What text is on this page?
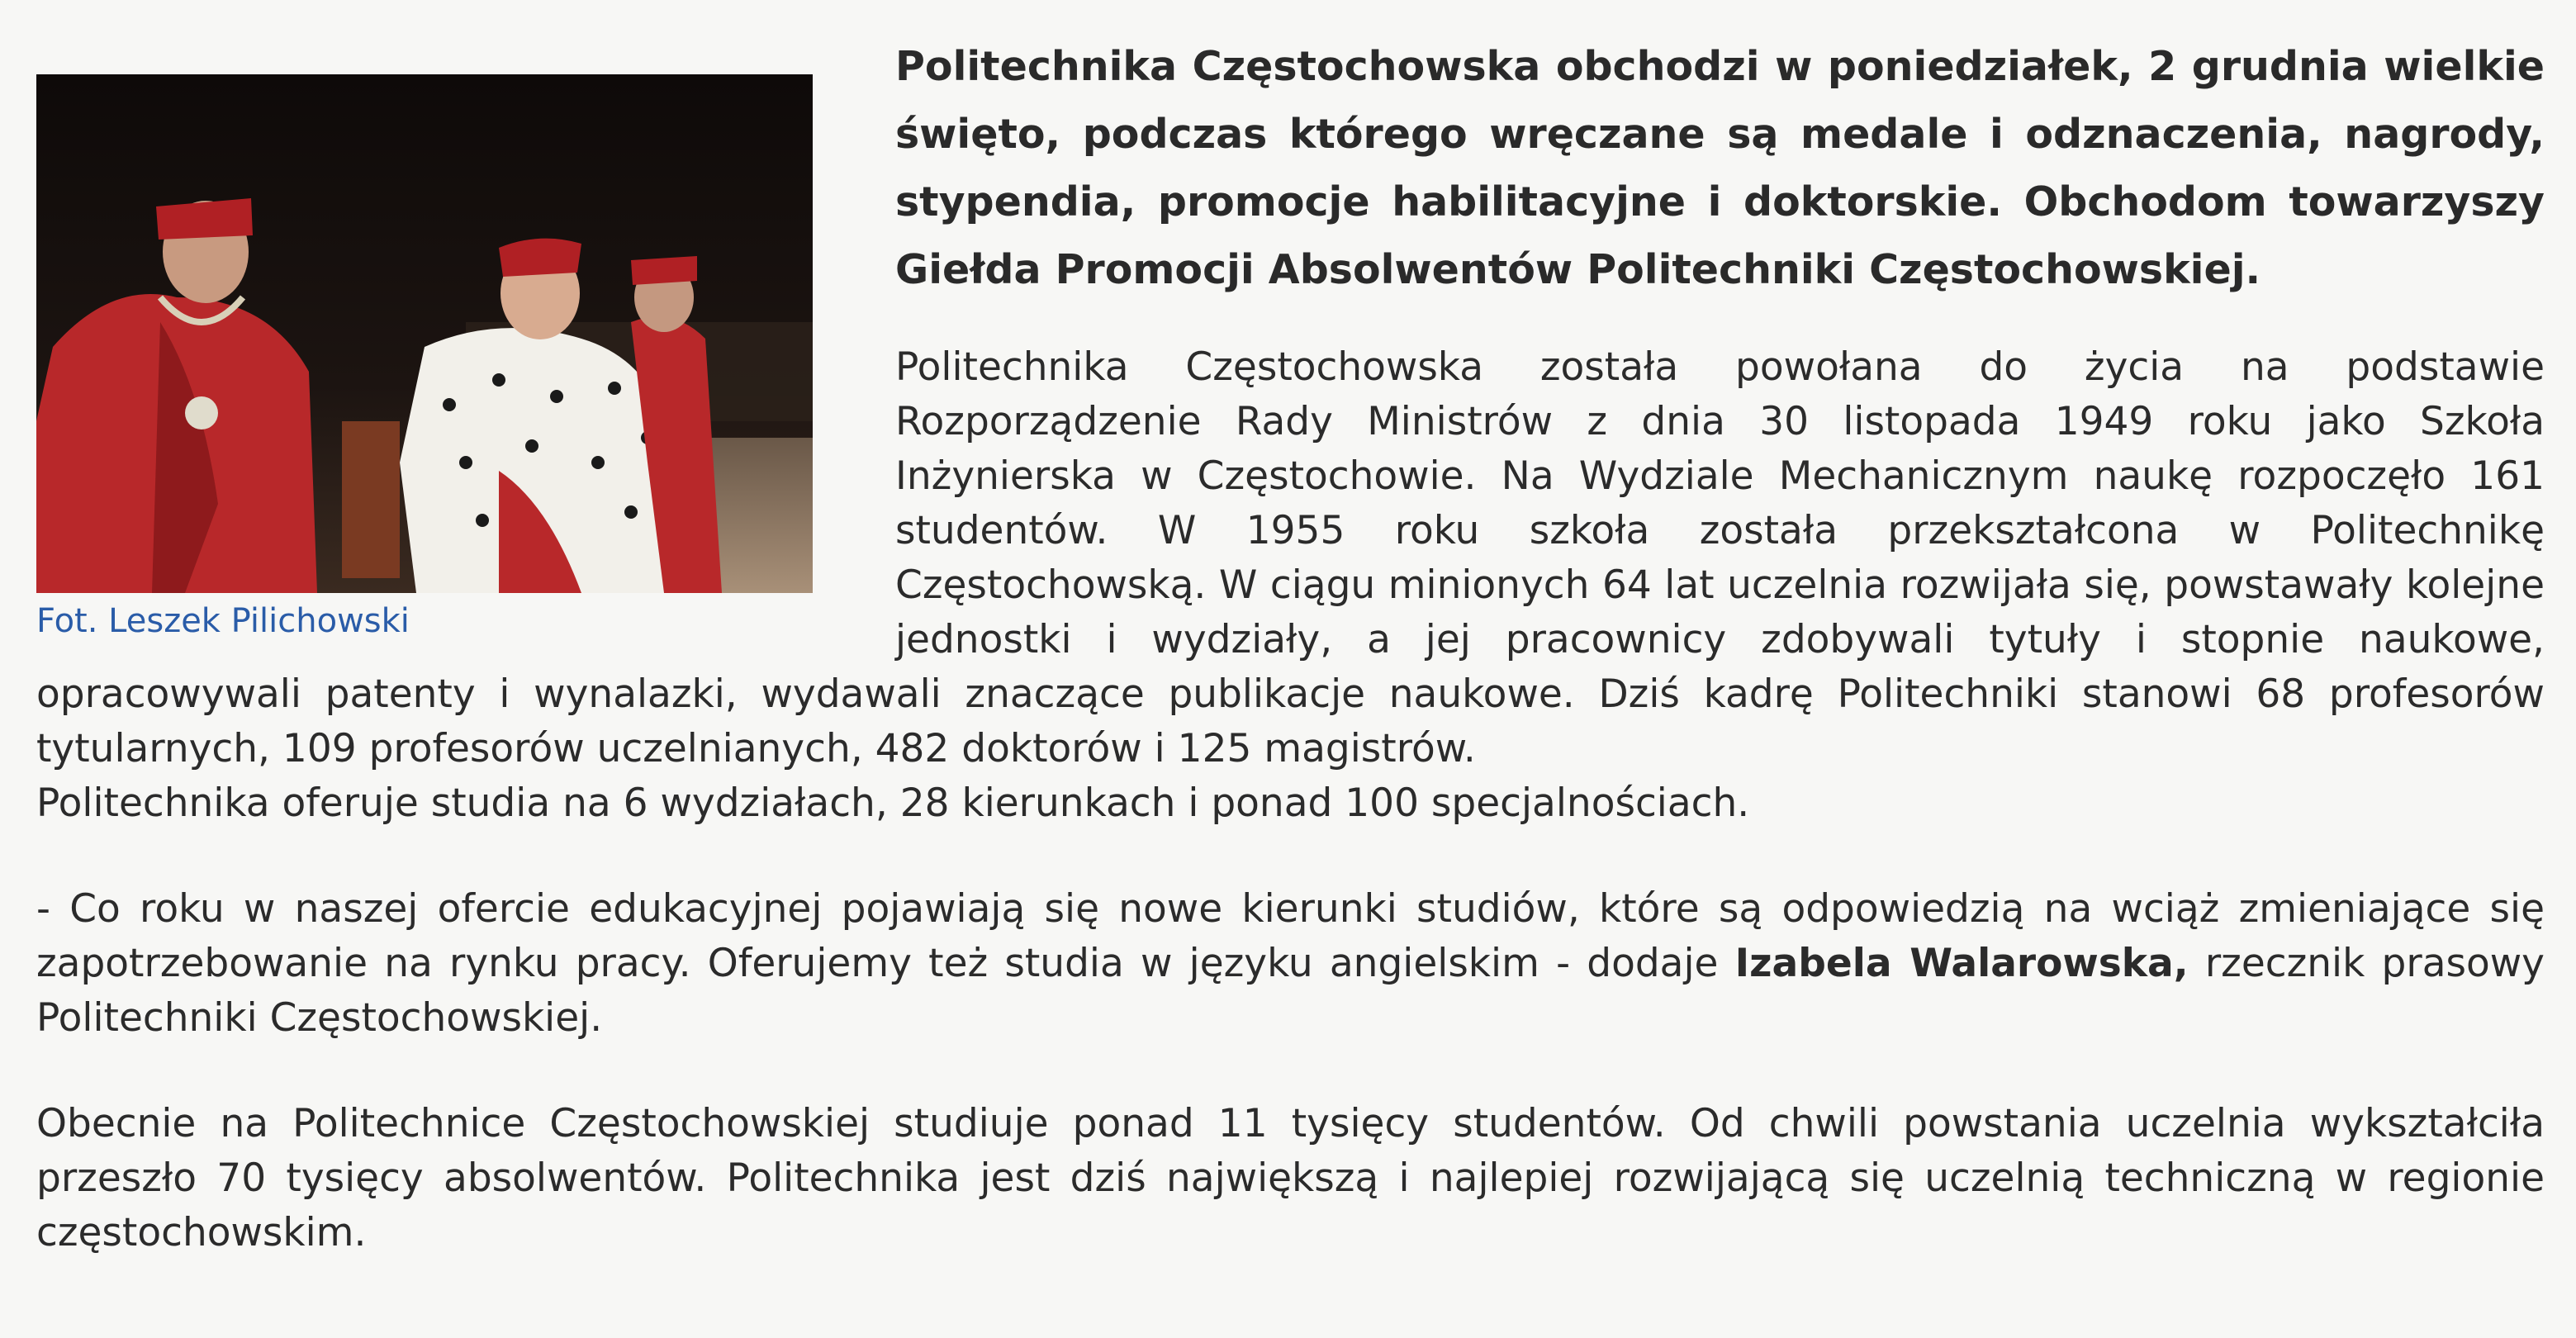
Fot. Leszek Pilichowski

Politechnika Częstochowska obchodzi w poniedziałek, 2 grudnia wielkie święto, podczas którego wręczane są medale i odznaczenia, nagrody, stypendia, promocje habilitacyjne i doktorskie. Obchodom towarzyszy Giełda Promocji Absolwentów Politechniki Częstochowskiej.

Politechnika Częstochowska została powołana do życia na podstawie Rozporządzenie Rady Ministrów z dnia 30 listopada 1949 roku jako Szkoła Inżynierska w Częstochowie. Na Wydziale Mechanicznym naukę rozpoczęło 161 studentów. W 1955 roku szkoła została przekształcona w Politechnikę Częstochowską. W ciągu minionych 64 lat uczelnia rozwijała się, powstawały kolejne jednostki i wydziały, a jej pracownicy zdobywali tytuły i stopnie naukowe, opracowywali patenty i wynalazki, wydawali znaczące publikacje naukowe. Dziś kadrę Politechniki stanowi 68 profesorów tytularnych, 109 profesorów uczelnianych, 482 doktorów i 125 magistrów.

Politechnika oferuje studia na 6 wydziałach, 28 kierunkach i ponad 100 specjalnościach.

- Co roku w naszej ofercie edukacyjnej pojawiają się nowe kierunki studiów, które są odpowiedzią na wciąż zmieniające się zapotrzebowanie na rynku pracy. Oferujemy też studia w języku angielskim - dodaje Izabela Walarowska, rzecznik prasowy Politechniki Częstochowskiej.

Obecnie na Politechnice Częstochowskiej studiuje ponad 11 tysięcy studentów. Od chwili powstania uczelnia wykształciła przeszło 70 tysięcy absolwentów. Politechnika jest dziś największą i najlepiej rozwijającą się uczelnią techniczną w regionie częstochowskim.
